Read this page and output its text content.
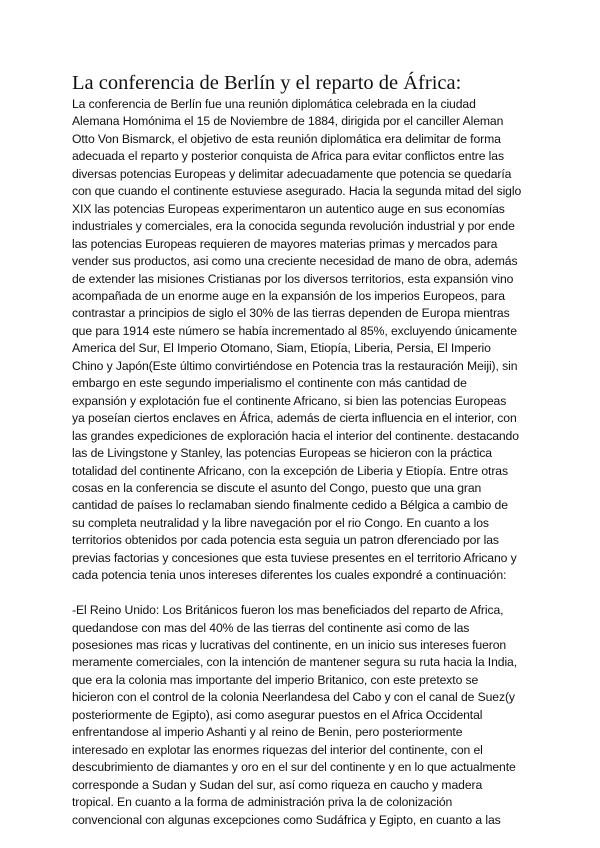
La conferencia de Berlín y el reparto de África:

La conferencia de Berlín fue una reunión diplomática celebrada en la ciudad
Alemana Homónima el 15 de Noviembre de 1884, dirigida por el canciller Aleman
Otto Von Bismarck, el objetivo de esta reunión diplomática era delimitar de forma
adecuada el reparto y posterior conquista de Africa para evitar conflictos entre las
diversas potencias Europeas y delimitar adecuadamente que potencia se quedaría
con que cuando el continente estuviese asegurado. Hacia la segunda mitad del siglo
XIX las potencias Europeas experimentaron un autentico auge en sus economías
industriales y comerciales, era la conocida segunda revolución industrial y por ende
las potencias Europeas requieren de mayores materias primas y mercados para
vender sus productos, asi como una creciente necesidad de mano de obra, además
de extender las misiones Cristianas por los diversos territorios, esta expansión vino
acompañada de un enorme auge en la expansión de los imperios Europeos, para
contrastar a principios de siglo el 30% de las tierras dependen de Europa mientras
que para 1914 este número se había incrementado al 85%, excluyendo únicamente
America del Sur, El Imperio Otomano, Siam, Etiopía, Liberia, Persia, El Imperio
Chino y Japón(Este último convirtiéndose en Potencia tras la restauración Meiji), sin
embargo en este segundo imperialismo el continente con más cantidad de
expansión y explotación fue el continente Africano, si bien las potencias Europeas
ya poseían ciertos enclaves en África, además de cierta influencia en el interior, con
las grandes expediciones de exploración hacia el interior del continente. destacando
las de Livingstone y Stanley, las potencias Europeas se hicieron con la práctica
totalidad del continente Africano, con la excepción de Liberia y Etiopía. Entre otras
cosas en la conferencia se discute el asunto del Congo, puesto que una gran
cantidad de países lo reclamaban siendo finalmente cedido a Bélgica a cambio de
su completa neutralidad y la libre navegación por el rio Congo. En cuanto a los
territorios obtenidos por cada potencia esta seguia un patron dferenciado por las
previas factorias y concesiones que esta tuviese presentes en el territorio Africano y
cada potencia tenia unos intereses diferentes los cuales expondré a continuación:

-El Reino Unido: Los Británicos fueron los mas beneficiados del reparto de Africa,
quedandose con mas del 40% de las tierras del continente asi como de las
posesiones mas ricas y lucrativas del continente, en un inicio sus intereses fueron
meramente comerciales, con la intención de mantener segura su ruta hacia la India,
que era la colonia mas importante del imperio Britanico, con este pretexto se
hicieron con el control de la colonia Neerlandesa del Cabo y con el canal de Suez(y
posteriormente de Egipto), asi como asegurar puestos en el Africa Occidental
enfrentandose al imperio Ashanti y al reino de Benin, pero posteriormente
interesado en explotar las enormes riquezas del interior del continente, con el
descubrimiento de diamantes y oro en el sur del continente y en lo que actualmente
corresponde a Sudan y Sudan del sur, así como riqueza en caucho y madera
tropical. En cuanto a la forma de administración priva la de colonización
convencional con algunas excepciones como Sudáfrica y Egipto, en cuanto a las
